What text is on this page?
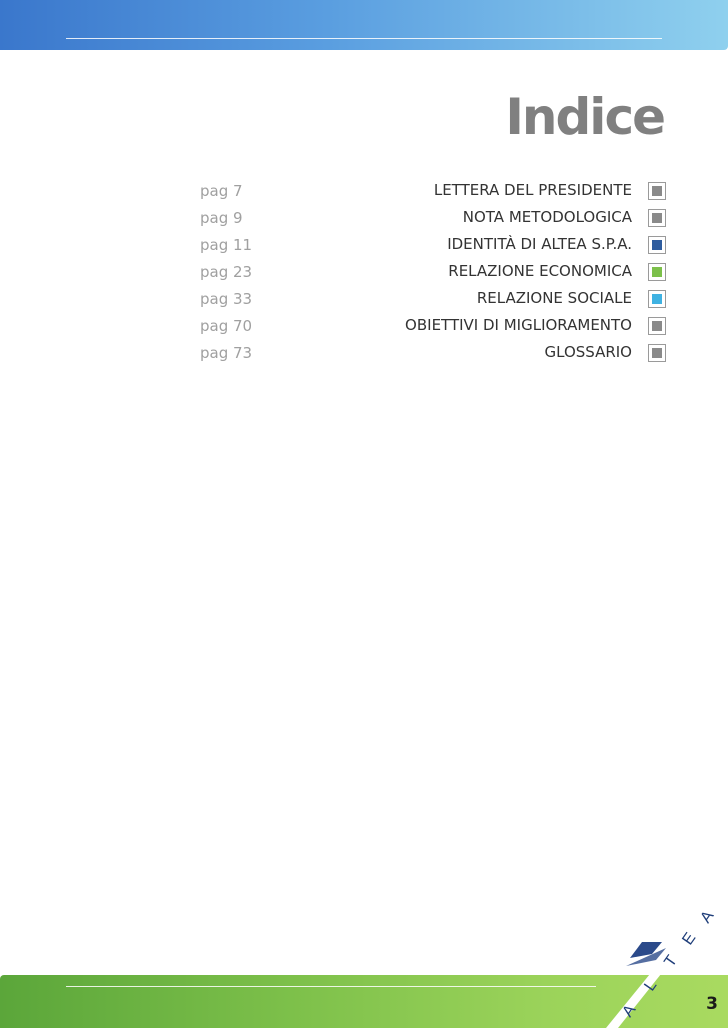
Indice
pag 7	LETTERA DEL PRESIDENTE
pag 9	NOTA METODOLOGICA
pag 11	IDENTITÀ DI ALTEA S.P.A.
pag 23	RELAZIONE ECONOMICA
pag 33	RELAZIONE SOCIALE
pag 70	OBIETTIVI DI MIGLIORAMENTO
pag 73	GLOSSARIO
A
L
T
E
A
3
